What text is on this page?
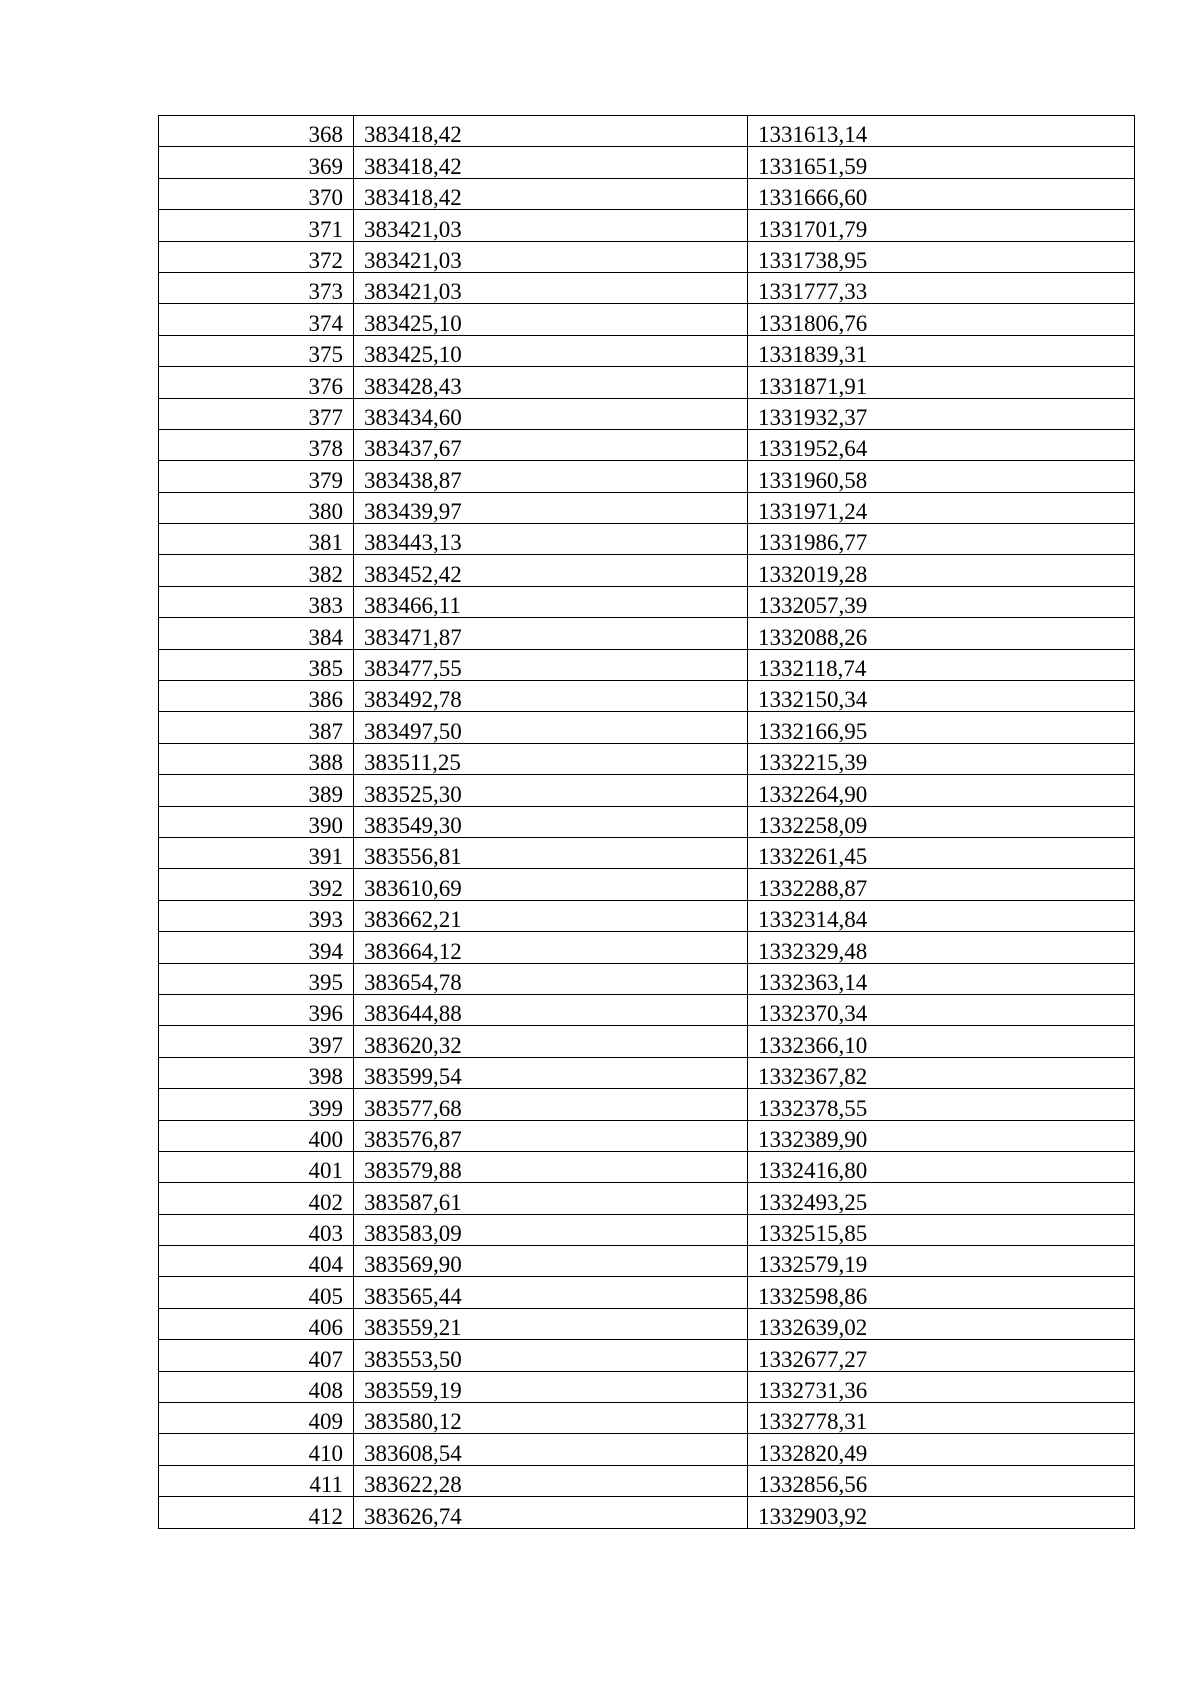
368	383418,42	1331613,14
369	383418,42	1331651,59
370	383418,42	1331666,60
371	383421,03	1331701,79
372	383421,03	1331738,95
373	383421,03	1331777,33
374	383425,10	1331806,76
375	383425,10	1331839,31
376	383428,43	1331871,91
377	383434,60	1331932,37
378	383437,67	1331952,64
379	383438,87	1331960,58
380	383439,97	1331971,24
381	383443,13	1331986,77
382	383452,42	1332019,28
383	383466,11	1332057,39
384	383471,87	1332088,26
385	383477,55	1332118,74
386	383492,78	1332150,34
387	383497,50	1332166,95
388	383511,25	1332215,39
389	383525,30	1332264,90
390	383549,30	1332258,09
391	383556,81	1332261,45
392	383610,69	1332288,87
393	383662,21	1332314,84
394	383664,12	1332329,48
395	383654,78	1332363,14
396	383644,88	1332370,34
397	383620,32	1332366,10
398	383599,54	1332367,82
399	383577,68	1332378,55
400	383576,87	1332389,90
401	383579,88	1332416,80
402	383587,61	1332493,25
403	383583,09	1332515,85
404	383569,90	1332579,19
405	383565,44	1332598,86
406	383559,21	1332639,02
407	383553,50	1332677,27
408	383559,19	1332731,36
409	383580,12	1332778,31
410	383608,54	1332820,49
411	383622,28	1332856,56
412	383626,74	1332903,92
